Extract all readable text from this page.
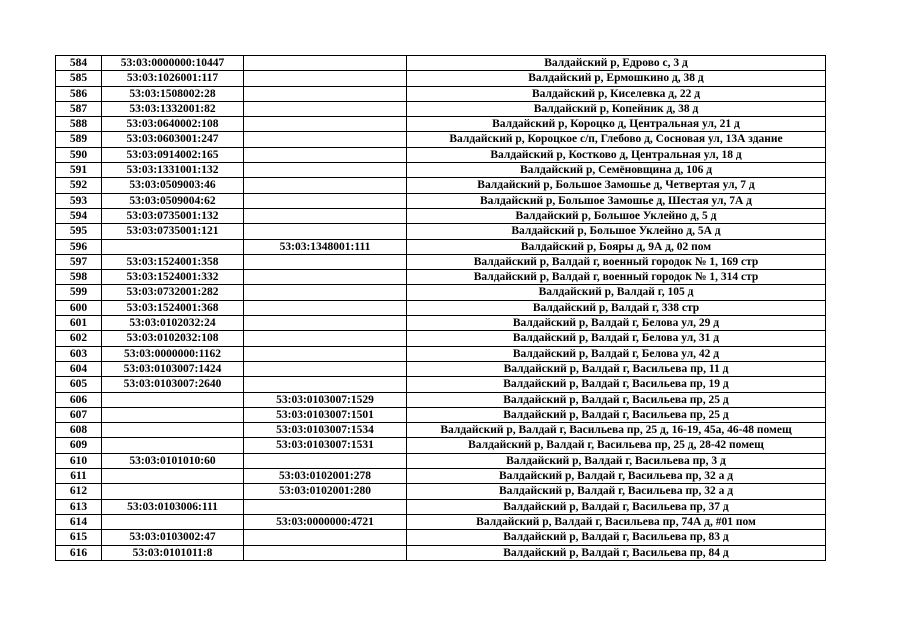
584	53:03:0000000:10447		Валдайский р, Едрово с, 3 д
585	53:03:1026001:117		Валдайский р, Ермошкино д, 38 д
586	53:03:1508002:28		Валдайский р, Киселевка д, 22 д
587	53:03:1332001:82		Валдайский р, Копейник д, 38 д
588	53:03:0640002:108		Валдайский р, Короцко д, Центральная ул, 21 д
589	53:03:0603001:247		Валдайский р, Короцкое с/п, Глебово д, Сосновая ул, 13А здание
590	53:03:0914002:165		Валдайский р, Костково д, Центральная ул, 18 д
591	53:03:1331001:132		Валдайский р, Семёновщина д, 106 д
592	53:03:0509003:46		Валдайский р, Большое Замошье д, Четвертая ул, 7 д
593	53:03:0509004:62		Валдайский р, Большое Замошье д, Шестая ул, 7А д
594	53:03:0735001:132		Валдайский р, Большое Уклейно д, 5 д
595	53:03:0735001:121		Валдайский р, Большое Уклейно д, 5А д
596		53:03:1348001:111	Валдайский р, Бояры д, 9А д, 02 пом
597	53:03:1524001:358		Валдайский р, Валдай г, военный городок № 1, 169 стр
598	53:03:1524001:332		Валдайский р, Валдай г, военный городок № 1, 314 стр
599	53:03:0732001:282		Валдайский р, Валдай г, 105 д
600	53:03:1524001:368		Валдайский р, Валдай г, 338 стр
601	53:03:0102032:24		Валдайский р, Валдай г, Белова ул, 29 д
602	53:03:0102032:108		Валдайский р, Валдай г, Белова ул, 31 д
603	53:03:0000000:1162		Валдайский р, Валдай г, Белова ул, 42 д
604	53:03:0103007:1424		Валдайский р, Валдай г, Васильева пр, 11 д
605	53:03:0103007:2640		Валдайский р, Валдай г, Васильева пр, 19 д
606		53:03:0103007:1529	Валдайский р, Валдай г, Васильева пр, 25 д
607		53:03:0103007:1501	Валдайский р, Валдай г, Васильева пр, 25 д
608		53:03:0103007:1534	Валдайский р, Валдай г, Васильева пр, 25 д, 16-19, 45а, 46-48 помещ
609		53:03:0103007:1531	Валдайский р, Валдай г, Васильева пр, 25 д, 28-42 помещ
610	53:03:0101010:60		Валдайский р, Валдай г, Васильева пр, 3 д
611		53:03:0102001:278	Валдайский р, Валдай г, Васильева пр, 32 а д
612		53:03:0102001:280	Валдайский р, Валдай г, Васильева пр, 32 а д
613	53:03:0103006:111		Валдайский р, Валдай г, Васильева пр, 37 д
614		53:03:0000000:4721	Валдайский р, Валдай г, Васильева пр, 74А д, #01 пом
615	53:03:0103002:47		Валдайский р, Валдай г, Васильева пр, 83 д
616	53:03:0101011:8		Валдайский р, Валдай г, Васильева пр, 84 д
